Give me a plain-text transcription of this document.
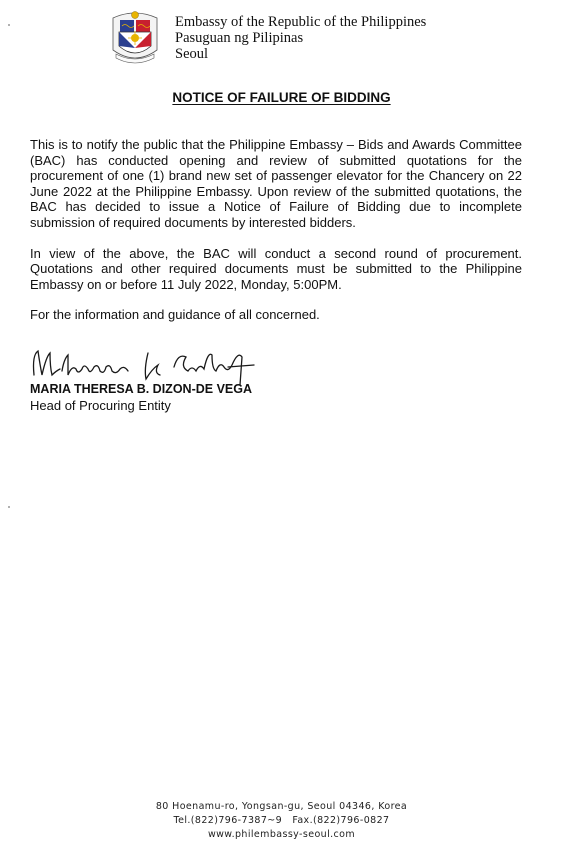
Embassy of the Republic of the Philippines
Pasuguan ng Pilipinas
Seoul
NOTICE OF FAILURE OF BIDDING

This is to notify the public that the Philippine Embassy – Bids and Awards Committee (BAC) has conducted opening and review of submitted quotations for the procurement of one (1) brand new set of passenger elevator for the Chancery on 22 June 2022 at the Philippine Embassy. Upon review of the submitted quotations, the BAC has decided to issue a Notice of Failure of Bidding due to incomplete submission of required documents by interested bidders.

In view of the above, the BAC will conduct a second round of procurement. Quotations and other required documents must be submitted to the Philippine Embassy on or before 11 July 2022, Monday, 5:00PM.

For the information and guidance of all concerned.

MARIA THERESA B. DIZON-DE VEGA
Head of Procuring Entity
80 Hoenamu-ro, Yongsan-gu, Seoul 04346, Korea
Tel.(822)796-7387~9   Fax.(822)796-0827
www.philembassy-seoul.com
